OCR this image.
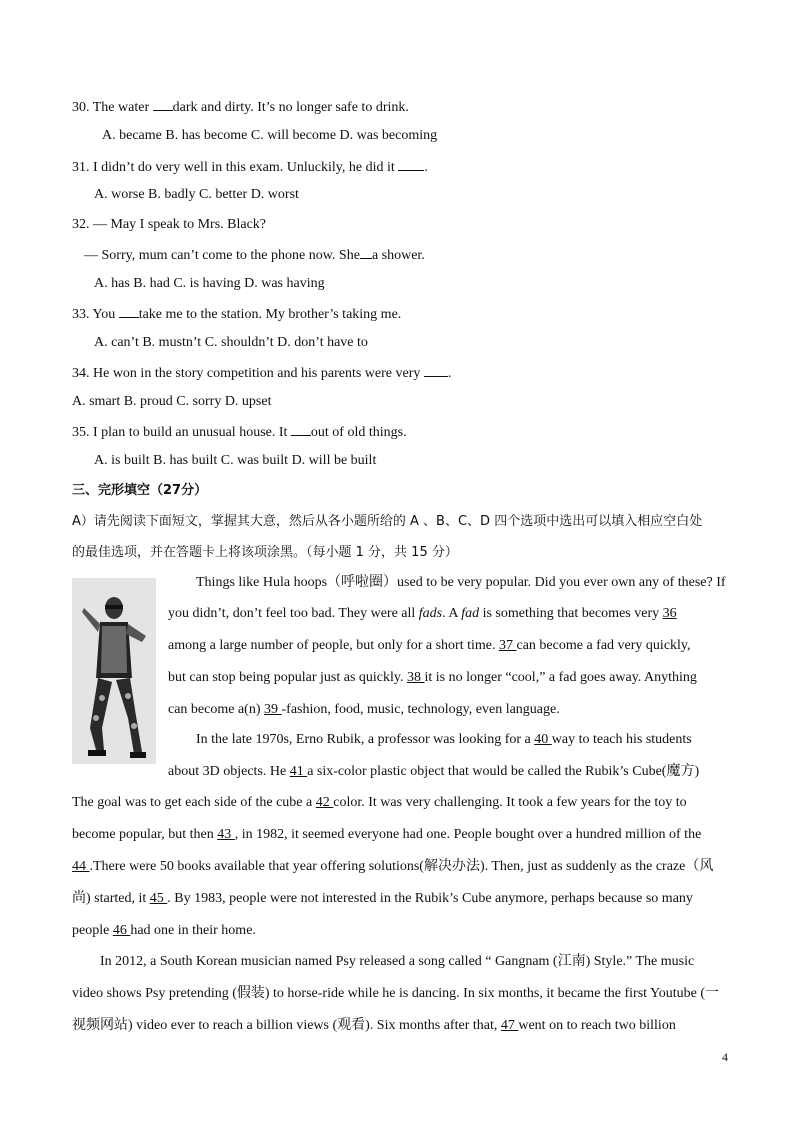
30. The water dark and dirty. It’s no longer safe to drink.
A. became B. has become C. will become D. was becoming
31. I didn’t do very well in this exam. Unluckily, he did it .
A. worse B. badly C. better D. worst
32. — May I speak to Mrs. Black?
— Sorry, mum can’t come to the phone now. She a shower.
A. has B. had C. is having D. was having
33. You take me to the station. My brother’s taking me.
A. can’t B. mustn’t C. shouldn’t D. don’t have to
34. He won in the story competition and his parents were very .
A. smart B. proud C. sorry D. upset
35. I plan to build an unusual house. It out of old things.
A. is built B. has built C. was built D. will be built
三、完形填空（27分）
A）请先阅读下面短文，掌握其大意，然后从各小题所给的 A 、B、C、D 四个选项中选出可以填入相应空白处
的最佳选项，并在答题卡上将该项涂黑。（每小题 1 分，共 15 分）
Things like Hula hoops（呼啦圈）used to be very popular. Did you ever own any of these? If
you didn’t, don’t feel too bad. They were all fads. A fad is something that becomes very 36
among a large number of people, but only for a short time. 37 can become a fad very quickly,
but can stop being popular just as quickly. 38 it is no longer “cool,” a fad goes away. Anything
can become a(n) 39 -fashion, food, music, technology, even language.
In the late 1970s, Erno Rubik, a professor was looking for a 40 way to teach his students
about 3D objects. He 41 a six-color plastic object that would be called the Rubik’s Cube(魔方)
The goal was to get each side of the cube a 42 color. It was very challenging. It took a few years for the toy to
become popular, but then 43 , in 1982, it seemed everyone had one. People bought over a hundred million of the
44 .There were 50 books available that year offering solutions(解决办法). Then, just as suddenly as the craze（风
尚) started, it 45 . By 1983, people were not interested in the Rubik’s Cube anymore, perhaps because so many
people 46 had one in their home.
In 2012, a South Korean musician named Psy released a song called “ Gangnam (江南) Style.” The music
video shows Psy pretending (假装) to horse-ride while he is dancing. In six months, it became the first Youtube (一
视频网站) video ever to reach a billion views (观看). Six months after that, 47 went on to reach two billion
4
